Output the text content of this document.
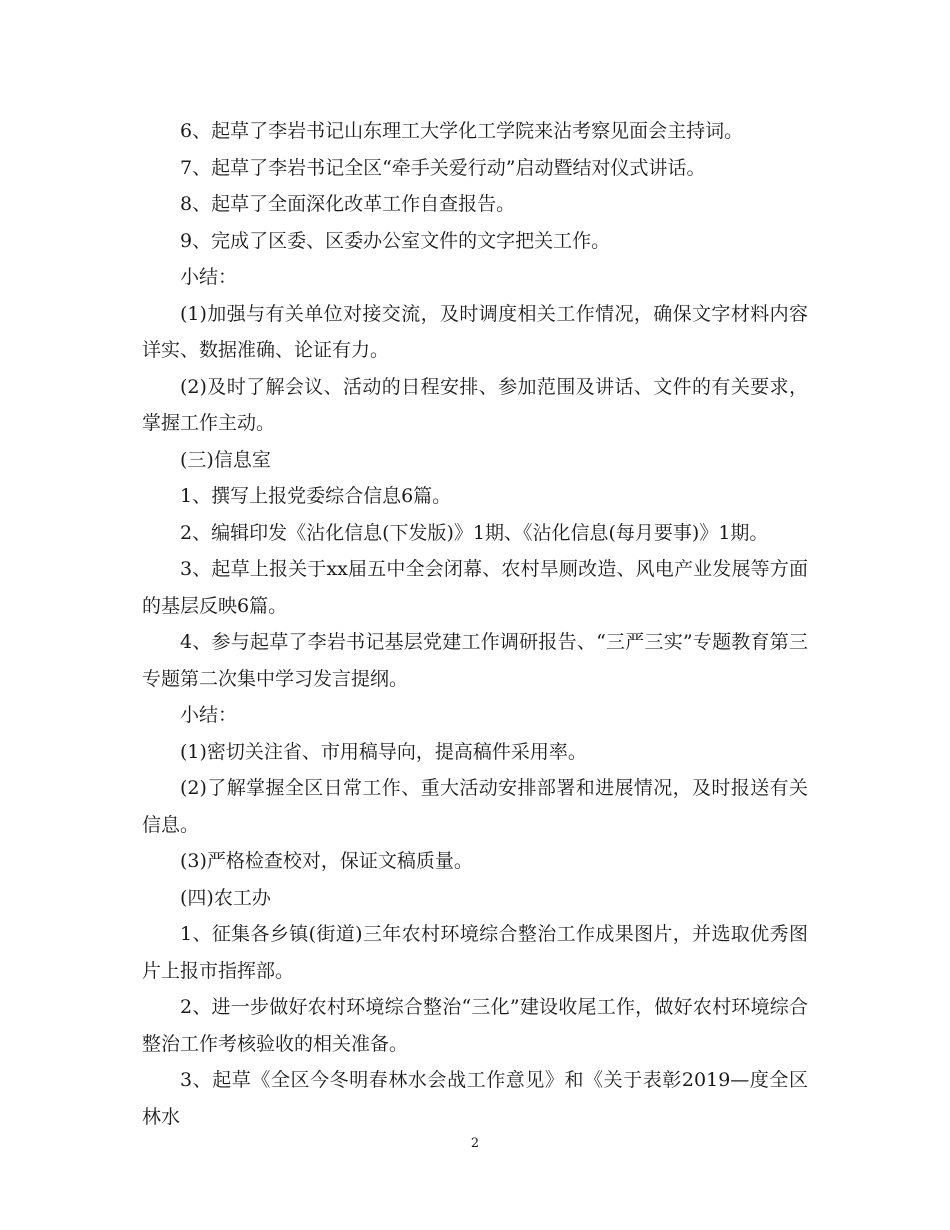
6、起草了李岩书记山东理工大学化工学院来沾考察见面会主持词。

7、起草了李岩书记全区“牵手关爱行动”启动暨结对仪式讲话。

8、起草了全面深化改革工作自查报告。

9、完成了区委、区委办公室文件的文字把关工作。

小结：

(1)加强与有关单位对接交流，及时调度相关工作情况，确保文字材料内容详实、数据准确、论证有力。

(2)及时了解会议、活动的日程安排、参加范围及讲话、文件的有关要求，掌握工作主动。

(三)信息室

1、撰写上报党委综合信息6篇。

2、编辑印发《沾化信息(下发版)》1期、《沾化信息(每月要事)》1期。

3、起草上报关于xx届五中全会闭幕、农村旱厕改造、风电产业发展等方面的基层反映6篇。

4、参与起草了李岩书记基层党建工作调研报告、“三严三实”专题教育第三专题第二次集中学习发言提纲。

小结：

(1)密切关注省、市用稿导向，提高稿件采用率。

(2)了解掌握全区日常工作、重大活动安排部署和进展情况，及时报送有关信息。

(3)严格检查校对，保证文稿质量。

(四)农工办

1、征集各乡镇(街道)三年农村环境综合整治工作成果图片，并选取优秀图片上报市指挥部。

2、进一步做好农村环境综合整治“三化”建设收尾工作，做好农村环境综合整治工作考核验收的相关准备。

3、起草《全区今冬明春林水会战工作意见》和《关于表彰2019—度全区林水

2
